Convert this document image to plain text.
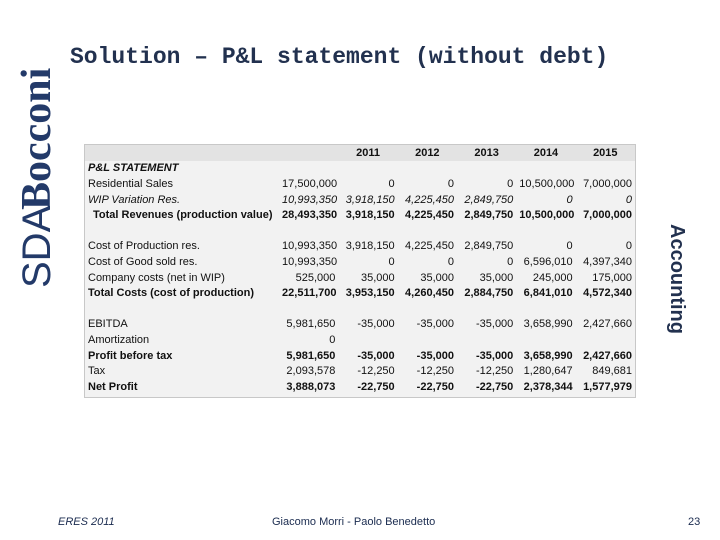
SDA
Bocconi
Solution – P&L statement (without debt)
Accounting
		2011	2012	2013	2014	2015
P&L STATEMENT						
Residential Sales	17,500,000	0	0	0	10,500,000	7,000,000
WIP Variation Res.	10,993,350	3,918,150	4,225,450	2,849,750	0	0
Total Revenues (production value)	28,493,350	3,918,150	4,225,450	2,849,750	10,500,000	7,000,000

Cost of Production res.	10,993,350	3,918,150	4,225,450	2,849,750	0	0
Cost of Good sold res.	10,993,350	0	0	0	6,596,010	4,397,340
Company costs (net in WIP)	525,000	35,000	35,000	35,000	245,000	175,000
Total Costs (cost of production)	22,511,700	3,953,150	4,260,450	2,884,750	6,841,010	4,572,340

EBITDA	5,981,650	-35,000	-35,000	-35,000	3,658,990	2,427,660
Amortization	0					
Profit before tax	5,981,650	-35,000	-35,000	-35,000	3,658,990	2,427,660
Tax	2,093,578	-12,250	-12,250	-12,250	1,280,647	849,681
Net Profit	3,888,073	-22,750	-22,750	-22,750	2,378,344	1,577,979
ERES 2011	Giacomo Morri - Paolo Benedetto	23
